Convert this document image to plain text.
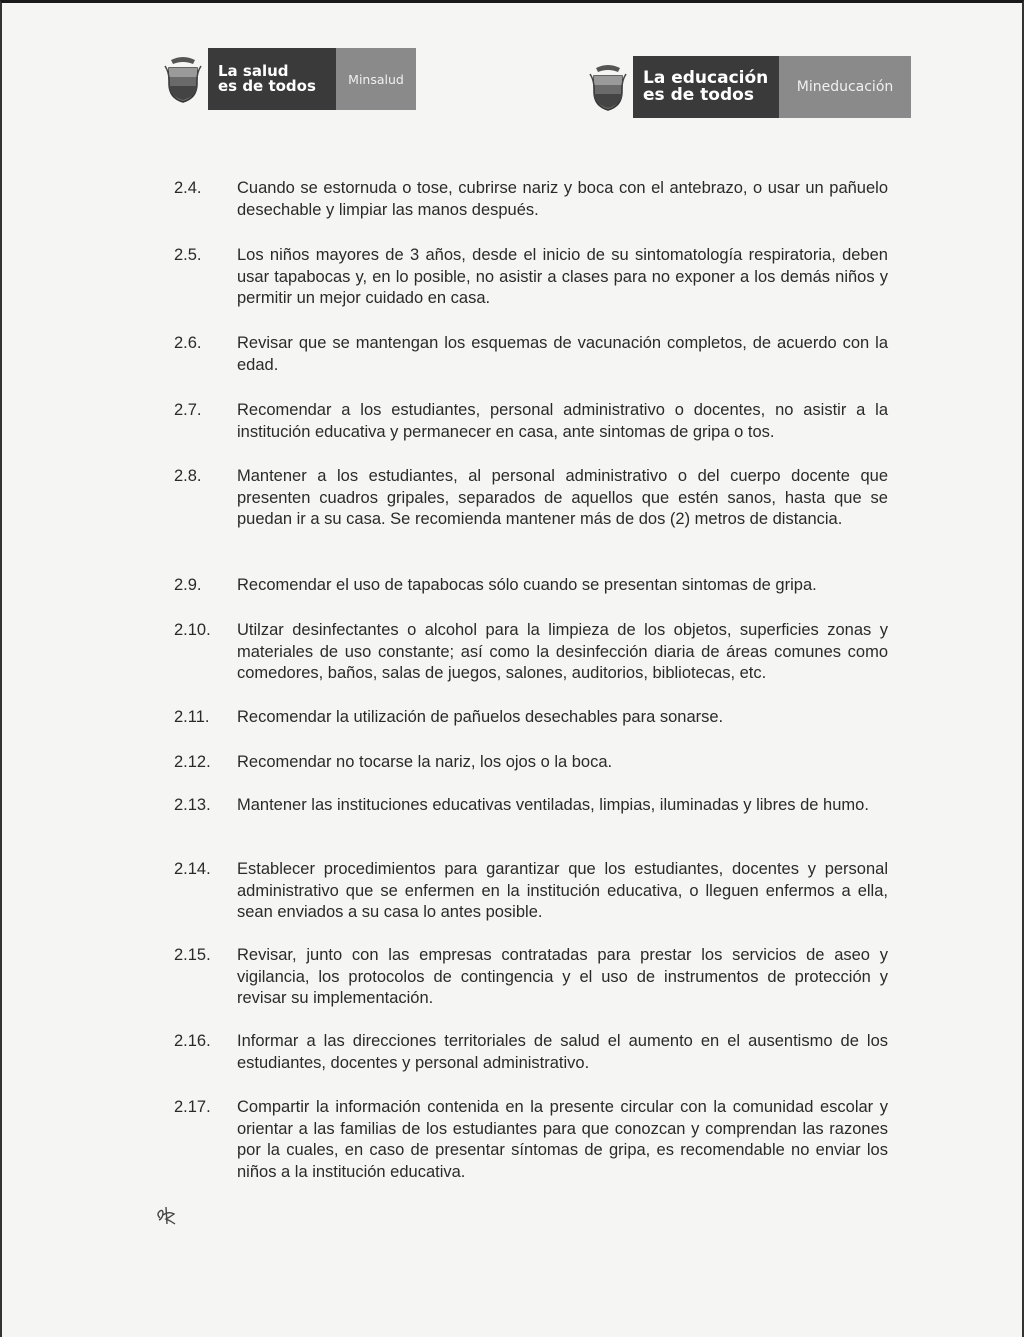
La salud
es de todos	Minsalud	La educación
es de todos	Mineducación
2.4.	Cuando se estornuda o tose, cubrirse nariz y boca con el antebrazo, o usar un pañuelo desechable y limpiar las manos después.
2.5.	Los niños mayores de 3 años, desde el inicio de su sintomatología respiratoria, deben usar tapabocas y, en lo posible, no asistir a clases para no exponer a los demás niños y permitir un mejor cuidado en casa.
2.6.	Revisar que se mantengan los esquemas de vacunación completos, de acuerdo con la edad.
2.7.	Recomendar a los estudiantes, personal administrativo o docentes, no asistir a la institución educativa y permanecer en casa, ante sintomas de gripa o tos.
2.8.	Mantener a los estudiantes, al personal administrativo o del cuerpo docente que presenten cuadros gripales, separados de aquellos que estén sanos, hasta que se puedan ir a su casa. Se recomienda mantener más de dos (2) metros de distancia.
2.9.	Recomendar el uso de tapabocas sólo cuando se presentan sintomas de gripa.
2.10.	Utilzar desinfectantes o alcohol para la limpieza de los objetos, superficies zonas y materiales de uso constante; así como la desinfección diaria de áreas comunes como comedores, baños, salas de juegos, salones, auditorios, bibliotecas, etc.
2.11.	Recomendar la utilización de pañuelos desechables para sonarse.
2.12.	Recomendar no tocarse la nariz, los ojos o la boca.
2.13.	Mantener las instituciones educativas ventiladas, limpias, iluminadas y libres de humo.
2.14.	Establecer procedimientos para garantizar que los estudiantes, docentes y personal administrativo que se enfermen en la institución educativa, o lleguen enfermos a ella, sean enviados a su casa lo antes posible.
2.15.	Revisar, junto con las empresas contratadas para prestar los servicios de aseo y vigilancia, los protocolos de contingencia y el uso de instrumentos de protección y revisar su implementación.
2.16.	Informar a las direcciones territoriales de salud el aumento en el ausentismo de los estudiantes, docentes y personal administrativo.
2.17.	Compartir la información contenida en la presente circular con la comunidad escolar y orientar a las familias de los estudiantes para que conozcan y comprendan las razones por la cuales, en caso de presentar síntomas de gripa, es recomendable no enviar los niños a la institución educativa.
